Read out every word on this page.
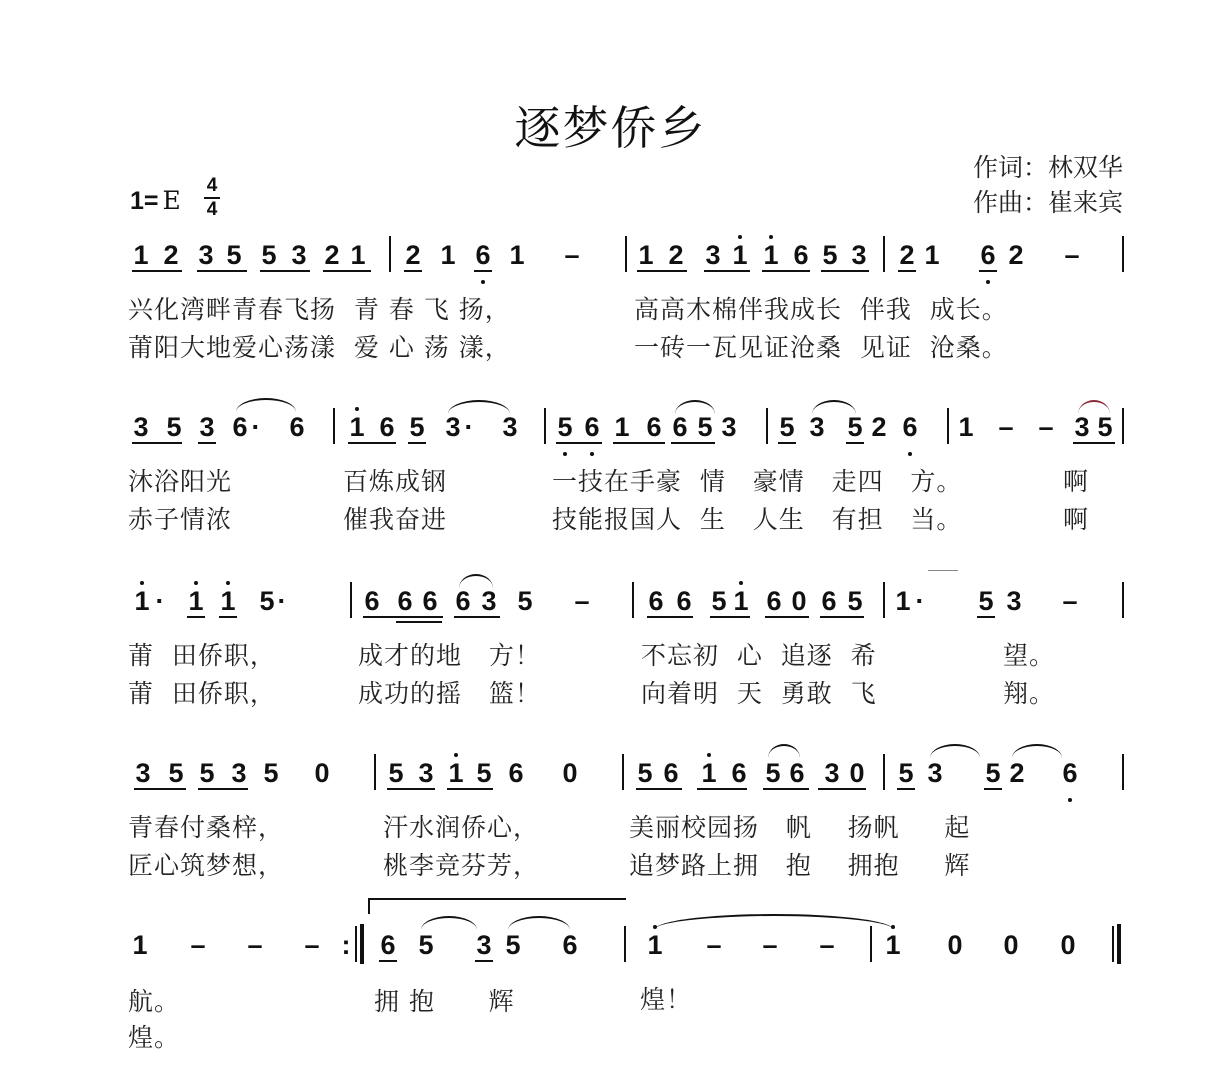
逐梦侨乡
作词：林双华
作曲：崔来宾
1= E
4
4
1 2 3 5 5 3 2 1 2 1 6 1 – 1 2 3 1 1 6 5 3 2 1 6 2 –
兴化湾畔青春飞扬  青 春 飞 扬，	高高木棉伴我成长  伴我  成长。
莆阳大地爱心荡漾  爱 心 荡 漾，	一砖一瓦见证沧桑  见证  沧桑。
3 5 3 6 · 6 1 6 5 3 · 3 5 6 1 6 6 5 3 5 3 5 2 6 1 – – 3 5
沐浴阳光	百炼成钢	一技在手豪  情   豪情   走四   方。	啊
赤子情浓	催我奋进	技能报国人  生   人生   有担   当。	啊
1 · 1 1 5 ·	6 6 6 6 3 5 – 6 6 5 1 6 0 6 5 1 · 5 3 –
莆  田侨职，	成才的地   方！	不忘初  心  追逐  希	望。
莆  田侨职，	成功的摇   篮！	向着明  天  勇敢  飞	翔。
3 5 5 3 5 0 5 3 1 5 6 0 5 6 1 6 5 6 3 0 5 3 5 2 6
青春付桑梓，	汗水润侨心，	美丽校园扬   帆    扬帆     起
匠心筑梦想，	桃李竞芬芳，	追梦路上拥   抱    拥抱     辉
1 – – – : 6 5 3 5 6	1 – – – 1 0 0 0
航。	拥 抱      辉	煌！
煌。
